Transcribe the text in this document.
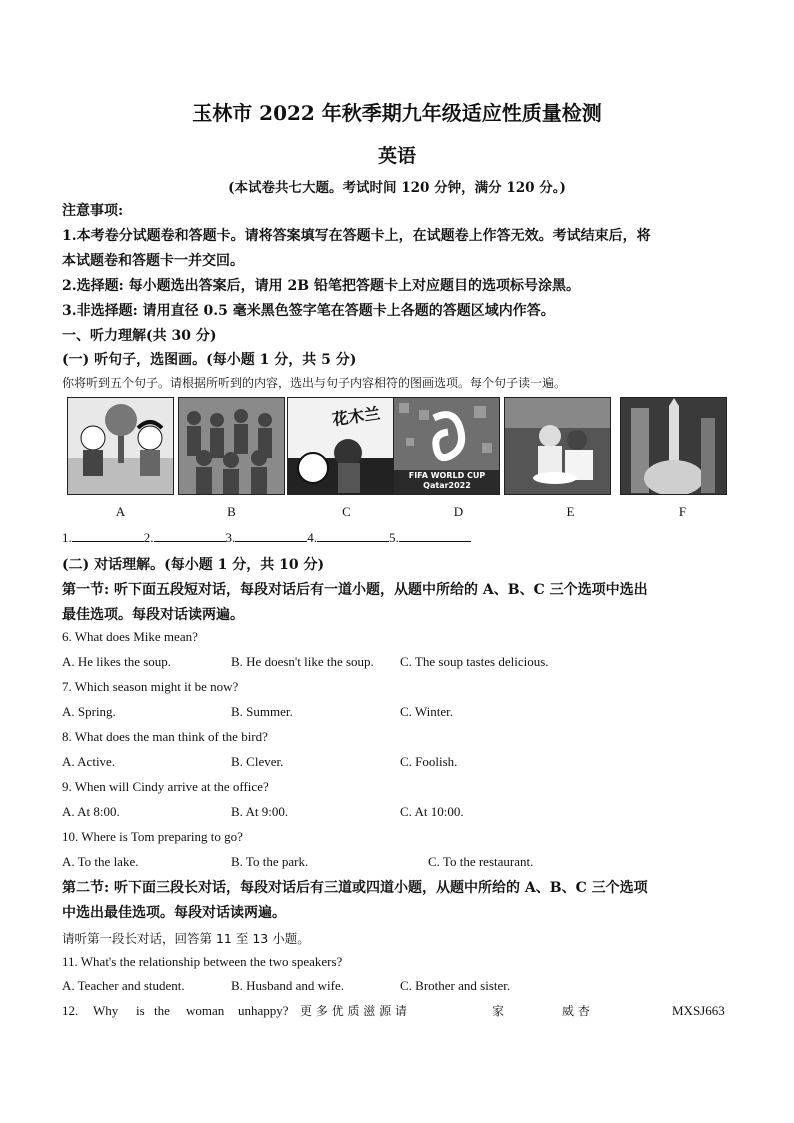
玉林市 2022 年秋季期九年级适应性质量检测
英语
(本试卷共七大题。考试时间 120 分钟，满分 120 分。)
注意事项:
1.本考卷分试题卷和答题卡。请将答案填写在答题卡上，在试题卷上作答无效。考试结束后，将
本试题卷和答题卡一并交回。
2.选择题: 每小题选出答案后，请用 2B 铅笔把答题卡上对应题目的选项标号涂黑。
3.非选择题: 请用直径 0.5 毫米黑色签字笔在答题卡上各题的答题区域内作答。
一、听力理解(共 30 分)
(一) 听句子，选图画。(每小题 1 分，共 5 分)
你将听到五个句子。请根据所听到的内容，选出与句子内容相符的图画选项。每个句子读一遍。
花木兰
FIFA WORLD CUP Qatar2022
A	B	C	D	E	F
1.	2.	3.	4.	5.
(二) 对话理解。(每小题 1 分，共 10 分)
第一节: 听下面五段短对话，每段对话后有一道小题，从题中所给的 A、B、C 三个选项中选出
最佳选项。每段对话读两遍。
6. What does Mike mean?
A. He likes the soup.	B. He doesn't like the soup. C. The soup tastes delicious.
7. Which season might it be now?
A. Spring.	B. Summer.	C. Winter.
8. What does the man think of the bird?
A. Active.	B. Clever.	C. Foolish.
9. When will Cindy arrive at the office?
A. At 8:00.	B. At 9:00.	C. At 10:00.
10. Where is Tom preparing to go?
A. To the lake.	B. To the park.	C. To the restaurant.
第二节: 听下面三段长对话，每段对话后有三道或四道小题，从题中所给的 A、B、C 三个选项
中选出最佳选项。每段对话读两遍。
请听第一段长对话，回答第 11 至 13 小题。
11. What's the relationship between the two speakers?
A. Teacher and student.	B. Husband and wife.	C. Brother and sister.
12. Why is the woman unhappy? 更 多 优 质 滋 源 请	家	威 杏	MXSJ663
